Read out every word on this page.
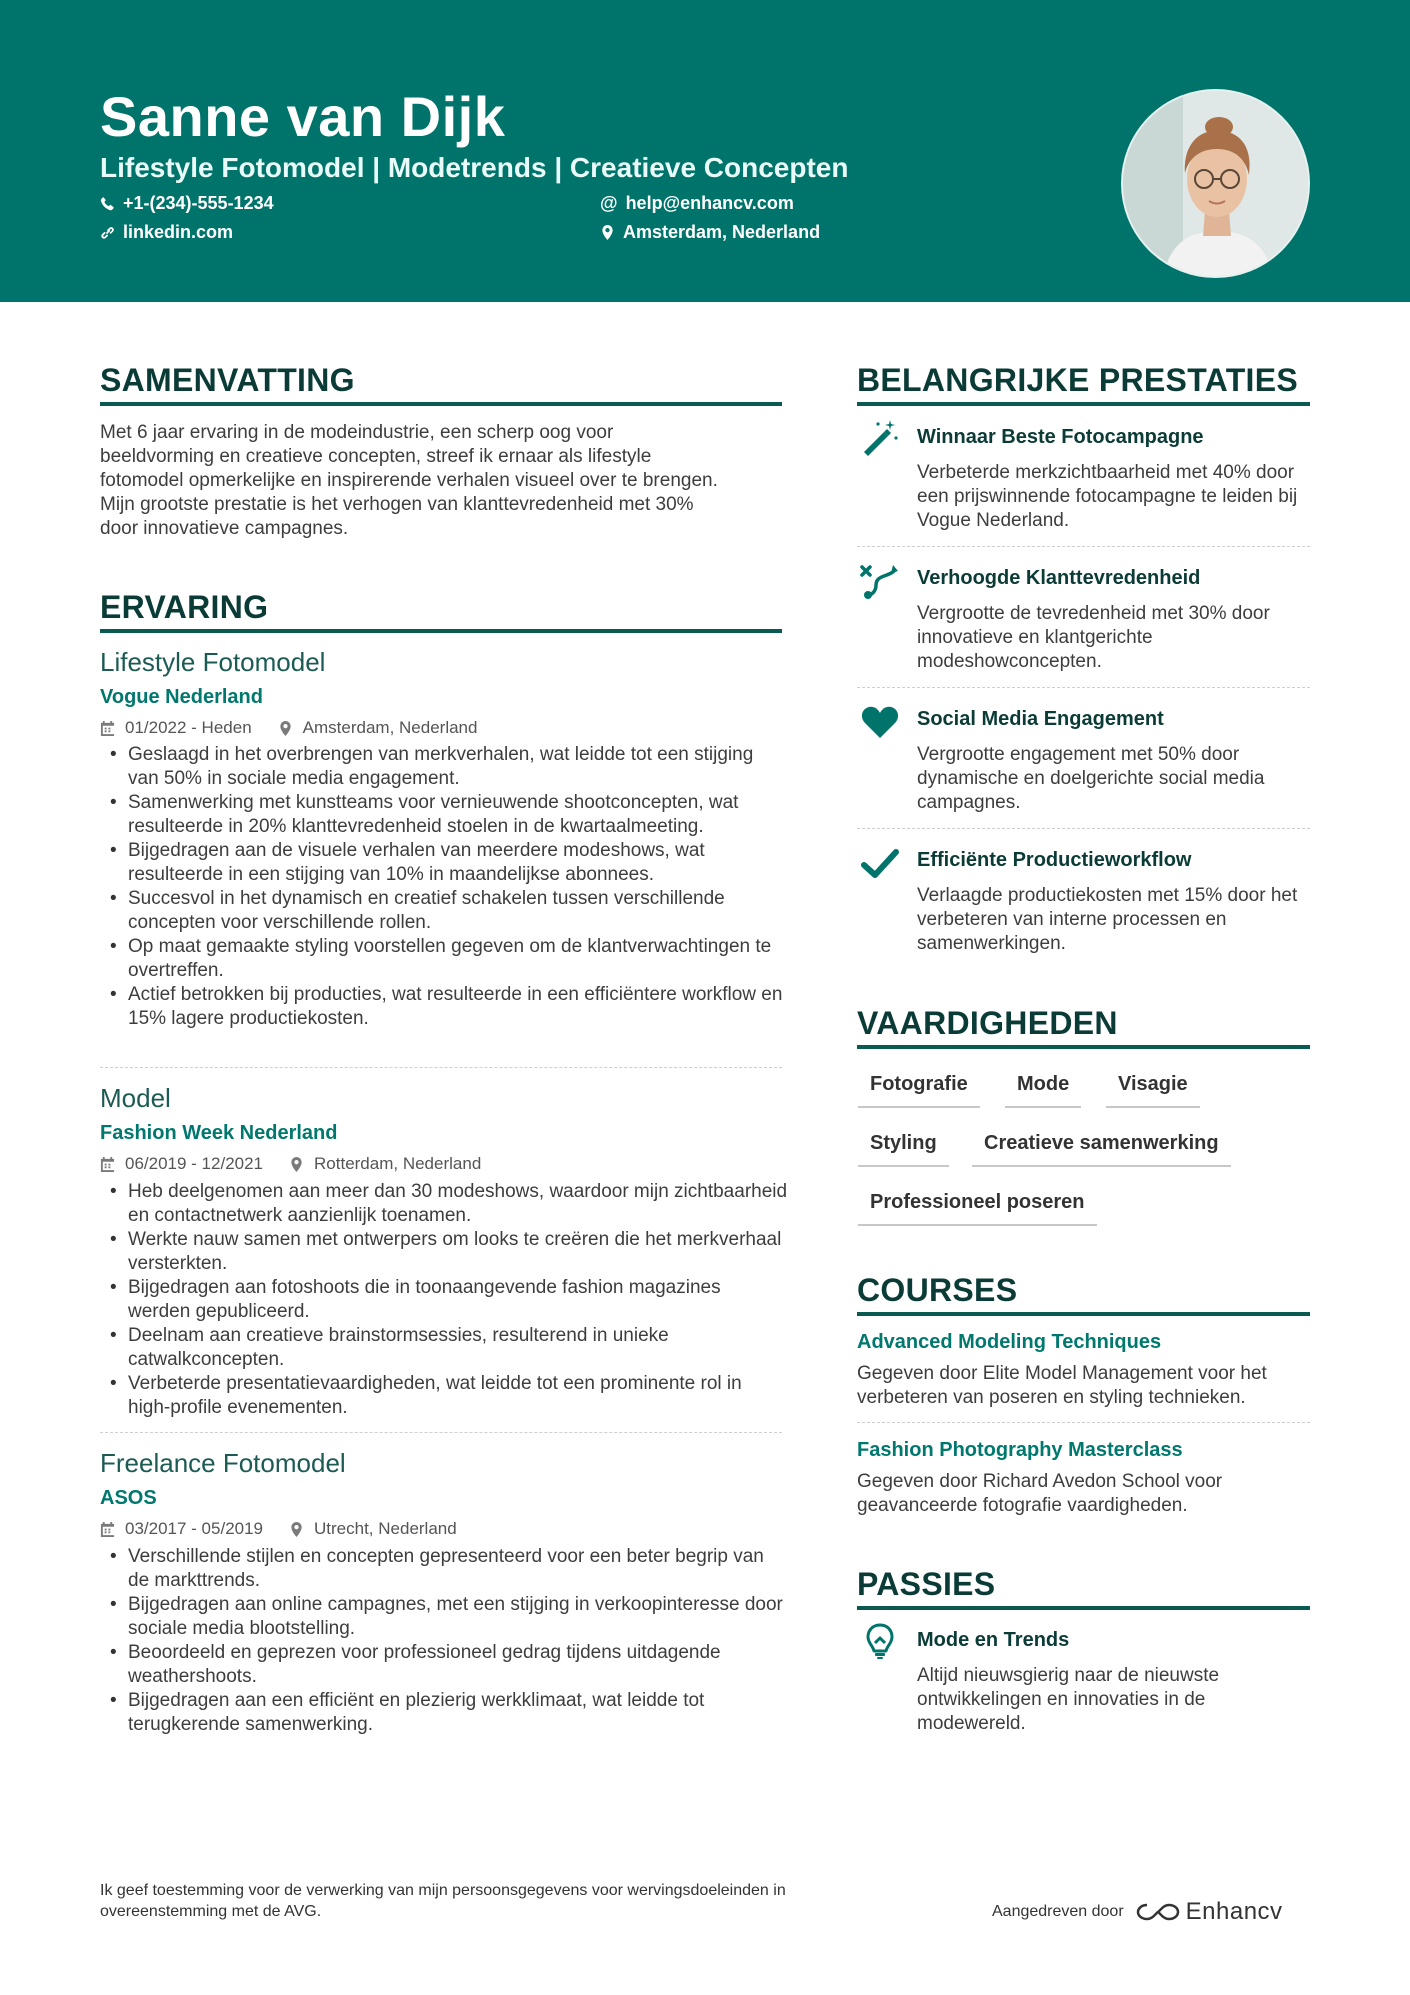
Sanne van Dijk
Lifestyle Fotomodel | Modetrends | Creatieve Concepten
+1-(234)-555-1234	@ help@enhancv.com
linkedin.com	Amsterdam, Nederland
SAMENVATTING
Met 6 jaar ervaring in de modeindustrie, een scherp oog voor
beeldvorming en creatieve concepten, streef ik ernaar als lifestyle
fotomodel opmerkelijke en inspirerende verhalen visueel over te brengen.
Mijn grootste prestatie is het verhogen van klanttevredenheid met 30%
door innovatieve campagnes.
ERVARING
Lifestyle Fotomodel
Vogue Nederland
01/2022 - Heden	Amsterdam, Nederland
• Geslaagd in het overbrengen van merkverhalen, wat leidde tot een stijging van 50% in sociale media engagement.
• Samenwerking met kunstteams voor vernieuwende shootconcepten, wat resulteerde in 20% klanttevredenheid stoelen in de kwartaalmeeting.
• Bijgedragen aan de visuele verhalen van meerdere modeshows, wat resulteerde in een stijging van 10% in maandelijkse abonnees.
• Succesvol in het dynamisch en creatief schakelen tussen verschillende concepten voor verschillende rollen.
• Op maat gemaakte styling voorstellen gegeven om de klantverwachtingen te overtreffen.
• Actief betrokken bij producties, wat resulteerde in een efficiëntere workflow en 15% lagere productiekosten.
Model
Fashion Week Nederland
06/2019 - 12/2021	Rotterdam, Nederland
• Heb deelgenomen aan meer dan 30 modeshows, waardoor mijn zichtbaarheid en contactnetwerk aanzienlijk toenamen.
• Werkte nauw samen met ontwerpers om looks te creëren die het merkverhaal versterkten.
• Bijgedragen aan fotoshoots die in toonaangevende fashion magazines werden gepubliceerd.
• Deelnam aan creatieve brainstormsessies, resulterend in unieke catwalkconcepten.
• Verbeterde presentatievaardigheden, wat leidde tot een prominente rol in high-profile evenementen.
Freelance Fotomodel
ASOS
03/2017 - 05/2019	Utrecht, Nederland
• Verschillende stijlen en concepten gepresenteerd voor een beter begrip van de markttrends.
• Bijgedragen aan online campagnes, met een stijging in verkoopinteresse door sociale media blootstelling.
• Beoordeeld en geprezen voor professioneel gedrag tijdens uitdagende weathershoots.
• Bijgedragen aan een efficiënt en plezierig werkklimaat, wat leidde tot terugkerende samenwerking.
BELANGRIJKE PRESTATIES
Winnaar Beste Fotocampagne
Verbeterde merkzichtbaarheid met 40% door een prijswinnende fotocampagne te leiden bij Vogue Nederland.
Verhoogde Klanttevredenheid
Vergrootte de tevredenheid met 30% door innovatieve en klantgerichte modeshowconcepten.
Social Media Engagement
Vergrootte engagement met 50% door dynamische en doelgerichte social media campagnes.
Efficiënte Productieworkflow
Verlaagde productiekosten met 15% door het verbeteren van interne processen en samenwerkingen.
VAARDIGHEDEN
Fotografie	Mode	Visagie
Styling	Creatieve samenwerking
Professioneel poseren
COURSES
Advanced Modeling Techniques
Gegeven door Elite Model Management voor het verbeteren van poseren en styling technieken.
Fashion Photography Masterclass
Gegeven door Richard Avedon School voor geavanceerde fotografie vaardigheden.
PASSIES
Mode en Trends
Altijd nieuwsgierig naar de nieuwste ontwikkelingen en innovaties in de modewereld.
Ik geef toestemming voor de verwerking van mijn persoonsgegevens voor wervingsdoeleinden in overeenstemming met de AVG.	Aangedreven door	Enhancv
